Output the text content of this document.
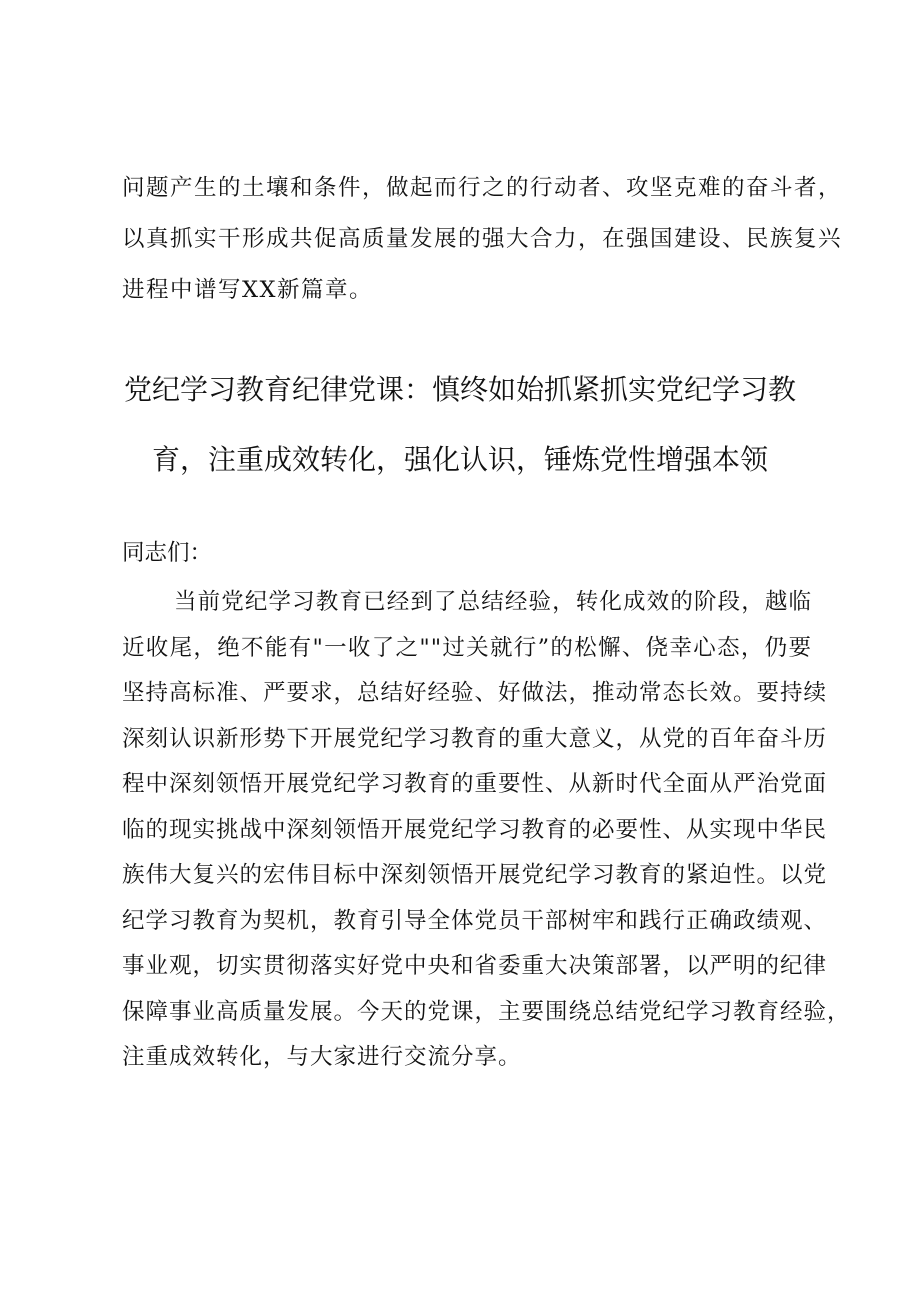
问题产生的土壤和条件，做起而行之的行动者、攻坚克难的奋斗者，
以真抓实干形成共促高质量发展的强大合力，在强国建设、民族复兴
进程中谱写XX新篇章。

党纪学习教育纪律党课：慎终如始抓紧抓实党纪学习教
育，注重成效转化，强化认识，锤炼党性增强本领

同志们：

当前党纪学习教育已经到了总结经验，转化成效的阶段，越临
近收尾，绝不能有"一收了之""过关就行”的松懈、侥幸心态，仍要
坚持高标准、严要求，总结好经验、好做法，推动常态长效。要持续
深刻认识新形势下开展党纪学习教育的重大意义，从党的百年奋斗历
程中深刻领悟开展党纪学习教育的重要性、从新时代全面从严治党面
临的现实挑战中深刻领悟开展党纪学习教育的必要性、从实现中华民
族伟大复兴的宏伟目标中深刻领悟开展党纪学习教育的紧迫性。以党
纪学习教育为契机，教育引导全体党员干部树牢和践行正确政绩观、
事业观，切实贯彻落实好党中央和省委重大决策部署，以严明的纪律
保障事业高质量发展。今天的党课，主要围绕总结党纪学习教育经验，
注重成效转化，与大家进行交流分享。
